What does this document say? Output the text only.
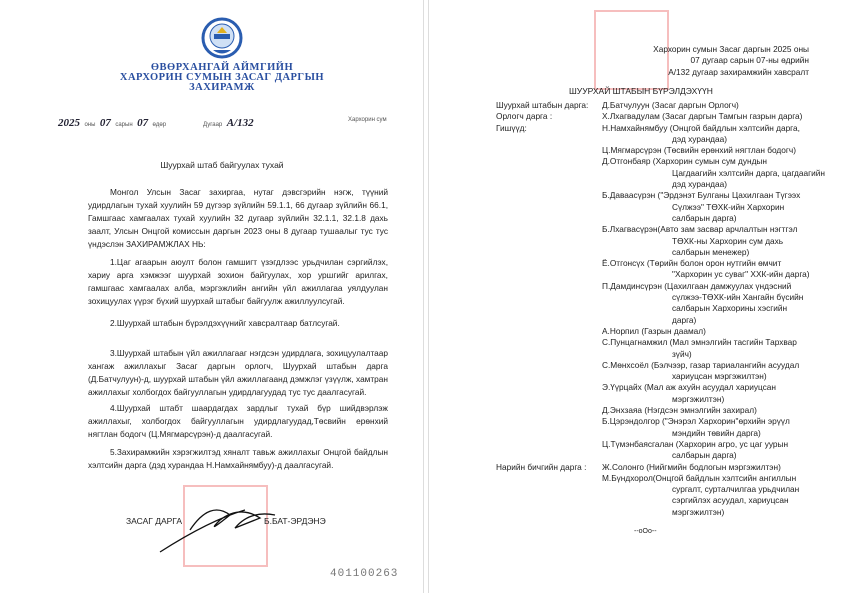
ӨВӨРХАНГАЙ АЙМГИЙН
ХАРХОРИН СУМЫН ЗАСАГ ДАРГЫН
ЗАХИРАМЖ
2025 оны 07 сарын 07 өдөр	Дугаар А/132	Хархорин сум
Шуурхай штаб байгуулах тухай
Монгол Улсын Засаг захиргаа, нутаг дэвсгэрийн нэгж, түүний удирдлагын тухай хуулийн 59 дүгээр зүйлийн 59.1.1, 66 дугаар зүйлийн 66.1, Гамшгаас хамгаалах тухай хуулийн 32 дугаар зүйлийн 32.1.1, 32.1.8 дахь заалт, Улсын Онцгой комиссын даргын 2023 оны 8 дугаар тушаалыг тус тус үндэслэн ЗАХИРАМЖЛАХ НЬ:
1.Цаг агаарын аюулт болон гамшигт үзэгдлээс урьдчилан сэргийлэх, хариу арга хэмжээг шуурхай зохион байгуулах, хор уршгийг арилгах, гамшгаас хамгаалах алба, мэргэжлийн ангийн үйл ажиллагаа уялдуулан зохицуулах үүрэг бүхий шуурхай штабыг байгуулж ажиллуулсугай.
2.Шуурхай штабын бүрэлдэхүүнийг хавсралтаар батлсугай.
3.Шуурхай штабын үйл ажиллагааг нэгдсэн удирдлага, зохицуулалтаар хангаж ажиллахыг Засаг даргын орлогч, Шуурхай штабын дарга (Д.Батчулуун)-д, шуурхай штабын үйл ажиллагаанд дэмжлэг үзүүлж, хамтран ажиллахыг холбогдох байгууллагын удирдлагуудад тус тус даалгасугай.
4.Шуурхай штабт шаардагдах зардлыг тухай бүр шийдвэрлэж ажиллахыг, холбогдох байгууллагын удирдлагуудад,Төсвийн ерөнхий нягтлан бодогч (Ц.Мягмарсүрэн)-д даалгасугай.
5.Захирамжийн хэрэгжилтэд хяналт тавьж ажиллахыг Онцгой байдлын хэлтсийн дарга (дэд хурандаа Н.Намхайнямбуу)-д даалгасугай.
ЗАСАГ ДАРГА	Б.БАТ-ЭРДЭНЭ
401100263
Хархорин сумын Засаг даргын 2025 оны
07 дугаар сарын 07-ны өдрийн
А/132 дугаар захирамжийн хавсралт
ШУУРХАЙ ШТАБЫН БҮРЭЛДЭХҮҮН
Шуурхай штабын дарга:	Д.Батчулуун (Засаг даргын Орлогч)
Орлогч дарга :	Х.Лхагвадулам (Засаг даргын Тамгын газрын дарга)
Гишүүд:	Н.Намхайнямбуу (Онцгой байдлын хэлтсийн дарга,
дэд хурандаа)
Ц.Мягмарсүрэн (Төсвийн ерөнхий нягтлан бодогч)
Д.Отгонбаяр (Хархорин сумын сум дундын
Цагдаагийн хэлтсийн дарга, цагдаагийн
дэд хурандаа)
Б.Даваасүрэн ("Эрдэнэт Булганы Цахилгаан Түгээх
Сүлжээ" ТӨХК-ийн Хархорин
салбарын дарга)
Б.Лхагвасүрэн(Авто зам засвар арчлалтын нэгтгэл
ТӨХК-ны Хархорин сум дахь
салбарын менежер)
Ё.Отгонсүх (Төрийн болон орон нутгийн өмчит
"Хархорин ус суваг" ХХК-ийн дарга)
П.Дамдинсүрэн (Цахилгаан дамжуулах үндэсний
сүлжээ-ТӨХК-ийн Хангайн бүсийн
салбарын Хархорины хэсгийн
дарга)
А.Норпил (Газрын даамал)
С.Пунцагнамжил (Мал эмнэлгийн тасгийн Тархвар
зүйч)
С.Мөнхсоёл (Бэлчээр, газар тариалангийн асуудал
хариуцсан мэргэжилтэн)
Э.Үүрцайх (Мал аж ахуйн асуудал хариуцсан
мэргэжилтэн)
Д.Энхзаяа (Нэгдсэн эмнэлгийн захирал)
Б.Цэрэндолгор ("Энэрэл Хархорин"өрхийн эрүүл
мэндийн төвийн дарга)
Ц.Түмэнбаясгалан (Хархорин агро, ус цаг уурын
салбарын дарга)
Нарийн бичгийн дарга :	Ж.Солонго (Нийгмийн бодлогын мэргэжилтэн)
М.Бүндхорол(Онцгой байдлын хэлтсийн ангиллын
сургалт, сурталчилгаа урьдчилан
сэргийлэх асуудал, хариуцсан
мэргэжилтэн)
--oOo--
